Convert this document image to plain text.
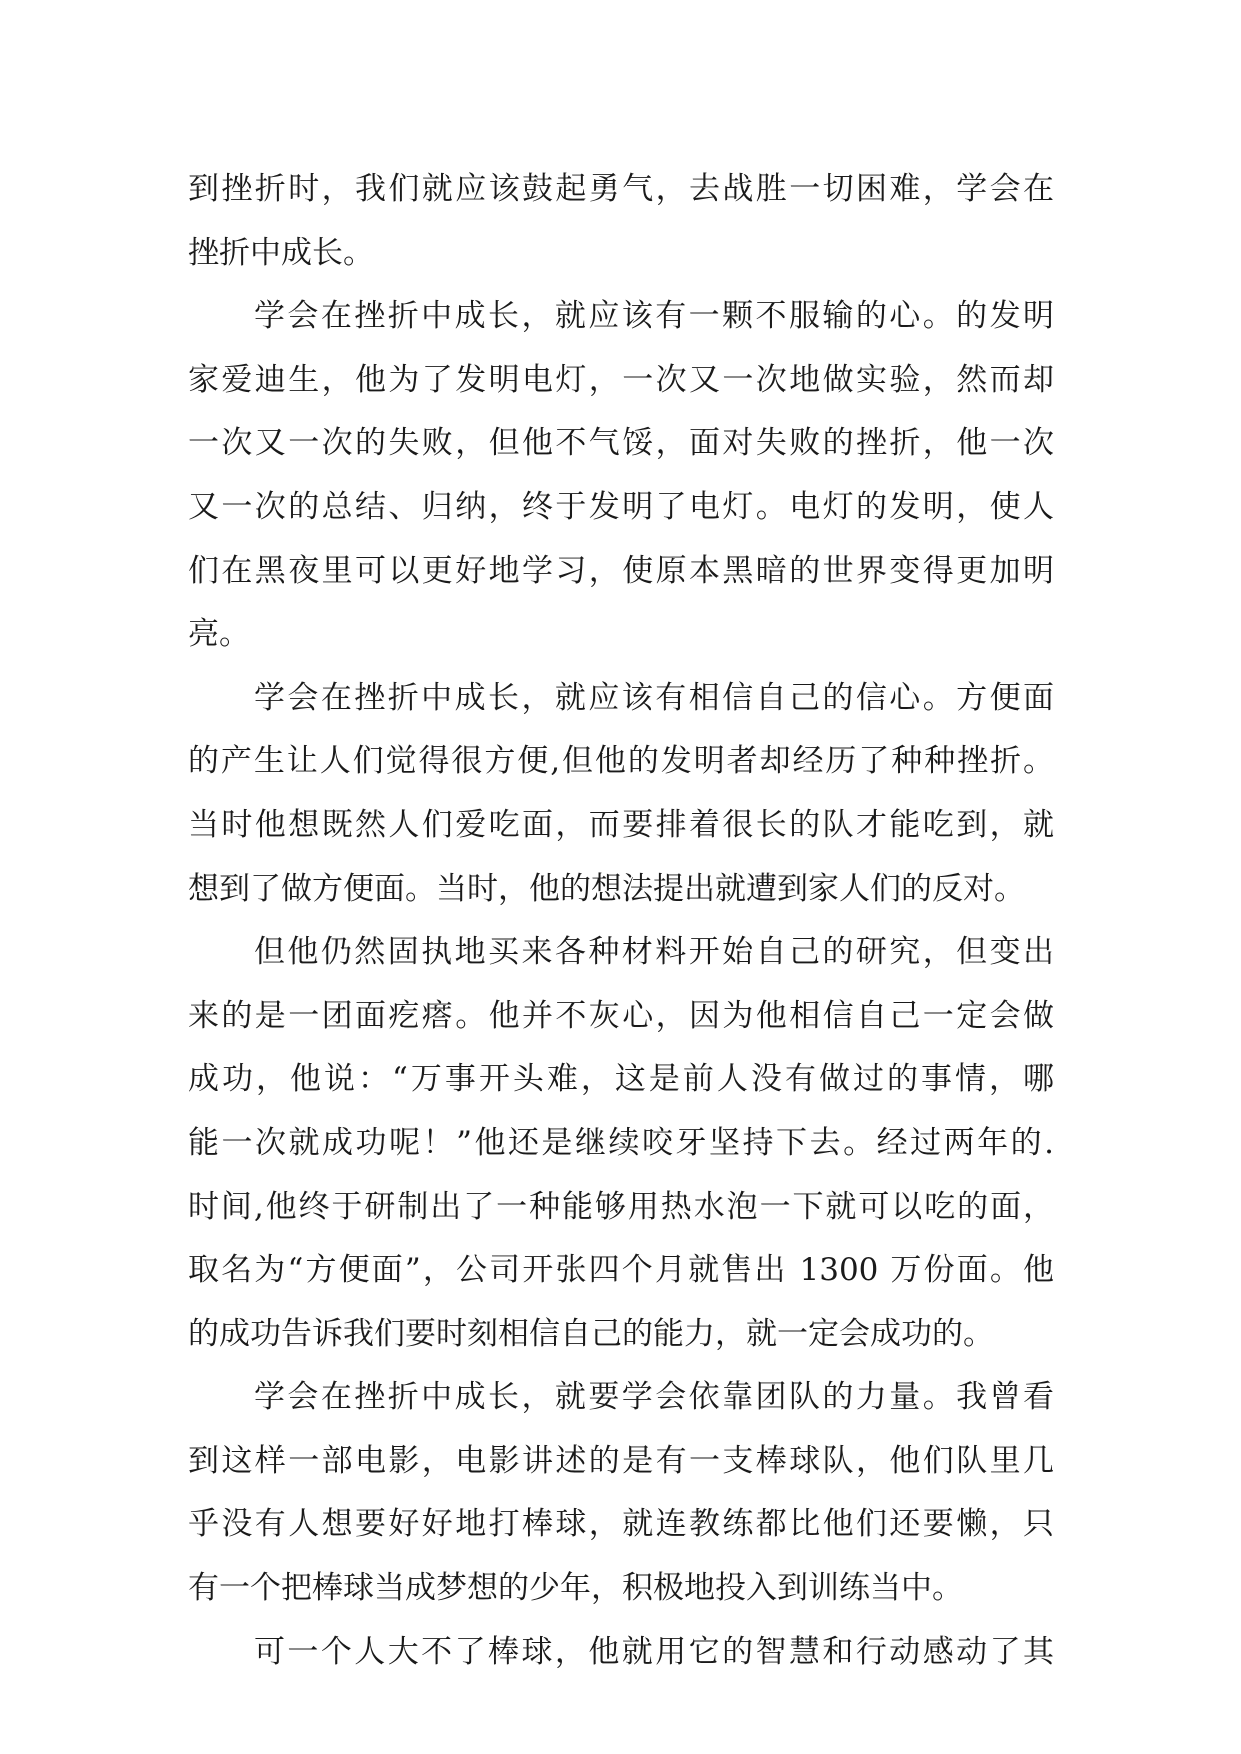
到挫折时，我们就应该鼓起勇气，去战胜一切困难，学会在
挫折中成长。
学会在挫折中成长，就应该有一颗不服输的心。的发明
家爱迪生，他为了发明电灯，一次又一次地做实验，然而却
一次又一次的失败，但他不气馁，面对失败的挫折，他一次
又一次的总结、归纳，终于发明了电灯。电灯的发明，使人
们在黑夜里可以更好地学习，使原本黑暗的世界变得更加明
亮。
学会在挫折中成长，就应该有相信自己的信心。方便面
的产生让人们觉得很方便,但他的发明者却经历了种种挫折。
当时他想既然人们爱吃面，而要排着很长的队才能吃到，就
想到了做方便面。当时，他的想法提出就遭到家人们的反对。
但他仍然固执地买来各种材料开始自己的研究，但变出
来的是一团面疙瘩。他并不灰心，因为他相信自己一定会做
成功，他说：“万事开头难，这是前人没有做过的事情，哪
能一次就成功呢！”他还是继续咬牙坚持下去。经过两年的.
时间,他终于研制出了一种能够用热水泡一下就可以吃的面，
取名为“方便面”，公司开张四个月就售出 1300 万份面。他
的成功告诉我们要时刻相信自己的能力，就一定会成功的。
学会在挫折中成长，就要学会依靠团队的力量。我曾看
到这样一部电影，电影讲述的是有一支棒球队，他们队里几
乎没有人想要好好地打棒球，就连教练都比他们还要懒，只
有一个把棒球当成梦想的少年，积极地投入到训练当中。
可一个人大不了棒球，他就用它的智慧和行动感动了其
